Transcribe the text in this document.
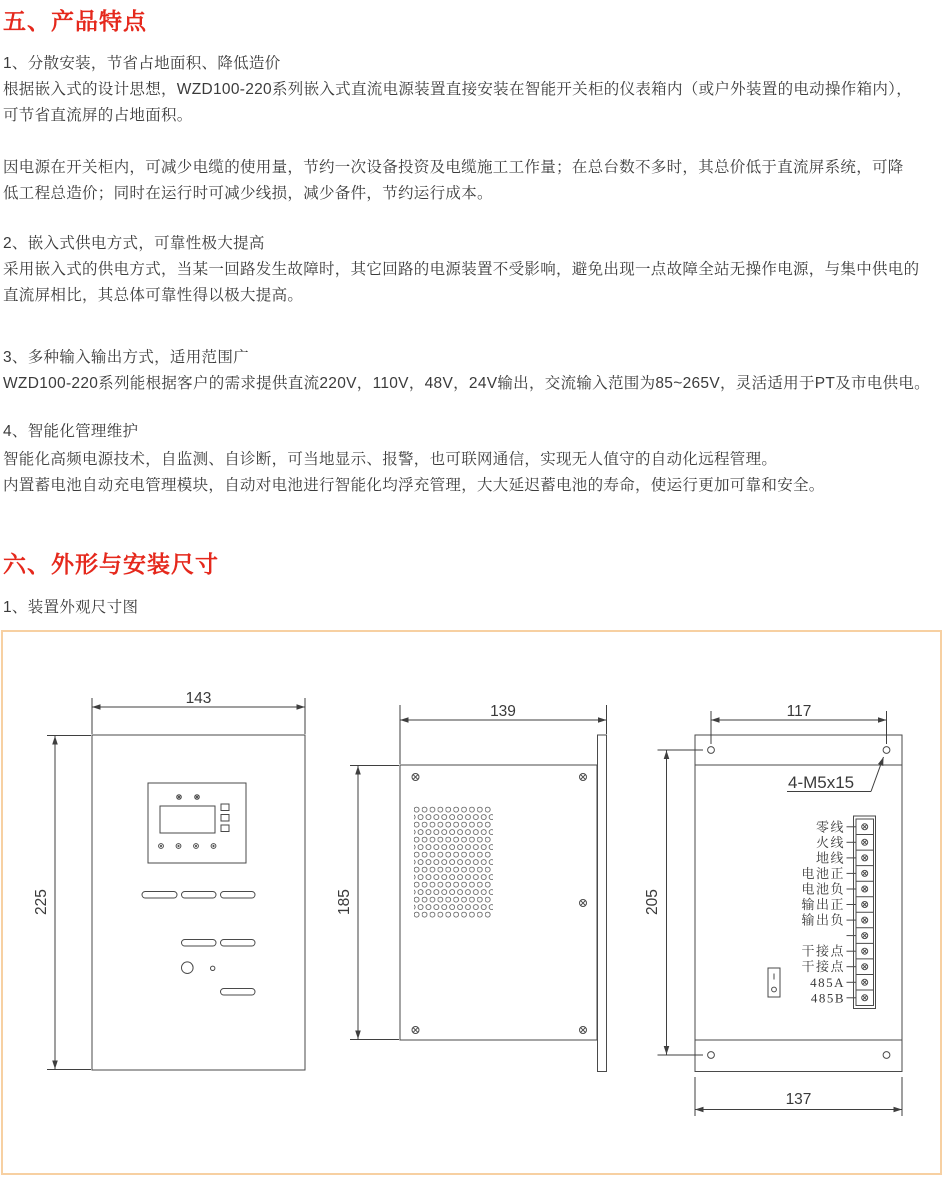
五、产品特点
1、分散安装，节省占地面积、降低造价
根据嵌入式的设计思想，WZD100-220系列嵌入式直流电源装置直接安装在智能开关柜的仪表箱内（或户外装置的电动操作箱内），
可节省直流屏的占地面积。
因电源在开关柜内，可减少电缆的使用量，节约一次设备投资及电缆施工工作量；在总台数不多时，其总价低于直流屏系统，可降
低工程总造价；同时在运行时可减少线损，减少备件，节约运行成本。
2、嵌入式供电方式，可靠性极大提高
采用嵌入式的供电方式，当某一回路发生故障时，其它回路的电源装置不受影响，避免出现一点故障全站无操作电源，与集中供电的
直流屏相比，其总体可靠性得以极大提高。
3、多种输入输出方式，适用范围广
WZD100-220系列能根据客户的需求提供直流220V，110V，48V，24V输出，交流输入范围为85~265V，灵活适用于PT及市电供电。
4、智能化管理维护
智能化高频电源技术，自监测、自诊断，可当地显示、报警，也可联网通信，实现无人值守的自动化远程管理。
内置蓄电池自动充电管理模块，自动对电池进行智能化均浮充管理，大大延迟蓄电池的寿命，使运行更加可靠和安全。
六、外形与安装尺寸
1、装置外观尺寸图
143
225
139
185
零线
火线
地线
电池正
电池负
输出正
输出负
干接点
干接点
485A
485B
117
4-M5x15
205
137
